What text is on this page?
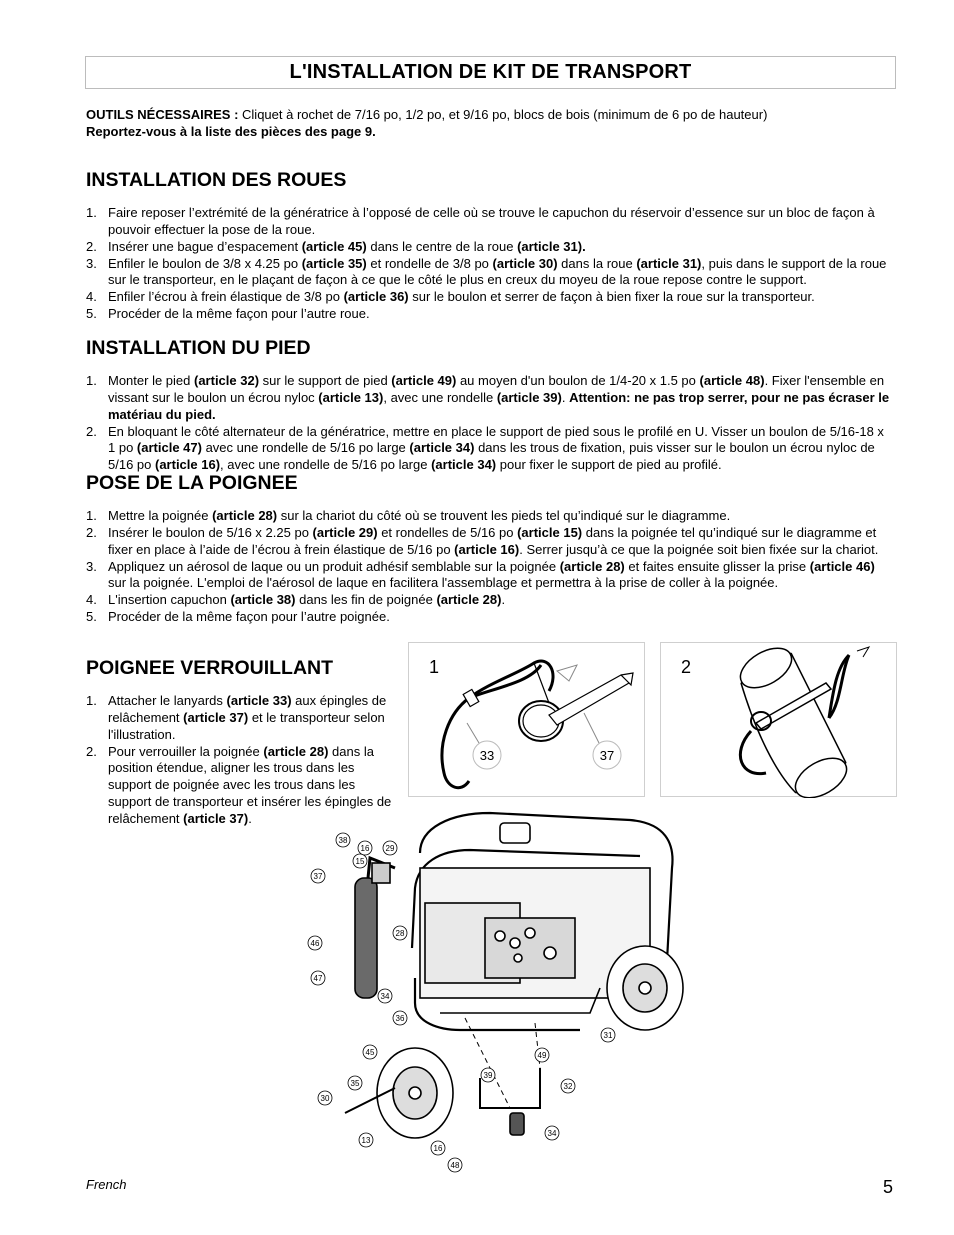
L'INSTALLATION DE KIT DE TRANSPORT

OUTILS NÉCESSAIRES : Cliquet à rochet de 7/16 po, 1/2 po, et 9/16 po, blocs de bois (minimum de 6 po de hauteur)

Reportez-vous à la liste des pièces des page 9.

INSTALLATION DES ROUES
1. Faire reposer l’extrémité de la génératrice à l’opposé de celle où se trouve le capuchon du réservoir d’essence sur un bloc de façon à pouvoir effectuer la pose de la roue.
2. Insérer une bague d’espacement (article 45) dans le centre de la roue (article 31).
3. Enfiler le boulon de 3/8 x 4.25 po (article 35) et rondelle de 3/8 po (article 30) dans la roue (article 31), puis dans le support de la roue sur le transporteur, en le plaçant de façon à ce que le côté le plus en creux du moyeu de la roue repose contre le support.
4. Enfiler l’écrou à frein élastique de 3/8 po (article 36) sur le boulon et serrer de façon à bien fixer la roue sur la transporteur.
5. Procéder de la même façon pour l’autre roue.
INSTALLATION DU PIED
1. Monter le pied (article 32) sur le support de pied (article 49) au moyen d'un boulon de 1/4-20 x 1.5 po (article 48). Fixer l'ensemble en vissant sur le boulon un écrou nyloc (article 13), avec une rondelle (article 39). Attention: ne pas trop serrer, pour ne pas écraser le matériau du pied.
2. En bloquant le côté alternateur de la génératrice, mettre en place le support de pied sous le profilé en U. Visser un boulon de 5/16-18 x 1 po (article 47) avec une rondelle de 5/16 po large (article 34) dans les trous de fixation, puis visser sur le boulon un écrou nyloc de 5/16 po (article 16), avec une rondelle de 5/16 po large (article 34) pour fixer le support de pied au profilé.
POSE DE LA POIGNEE
1. Mettre la poignée (article 28) sur la chariot du côté où se trouvent les pieds tel qu’indiqué sur le diagramme.
2. Insérer le boulon de 5/16 x 2.25 po (article 29) et rondelles de 5/16 po (article 15) dans la poignée tel qu’indiqué sur le diagramme et fixer en place à l’aide de l’écrou à frein élastique de 5/16 po (article 16). Serrer jusqu’à ce que la poignée soit bien fixée sur la chariot.
3. Appliquez un aérosol de laque ou un produit adhésif semblable sur la poignée (article 28) et faites ensuite glisser la prise (article 46) sur la poignée. L'emploi de l'aérosol de laque en facilitera l'assemblage et permettra à la prise de coller à la poignée.
4. L'insertion capuchon (article 38) dans les fin de poignée (article 28).
5. Procéder de la même façon pour l’autre poignée.
POIGNEE VERROUILLANT
1. Attacher le lanyards (article 33) aux épingles de relâchement (article 37) et le transporteur selon l'illustration.
2. Pour verrouiller la poignée (article 28) dans la position étendue, aligner les trous dans les support de poignée avec les trous dans les support de transporteur et insérer les épingles de relâchement (article 37).
1
33	37
2
38
15
16 29
37
28
46
47
34
36
31
45
35
30
13
39
49
32
34
16
48
French	5
